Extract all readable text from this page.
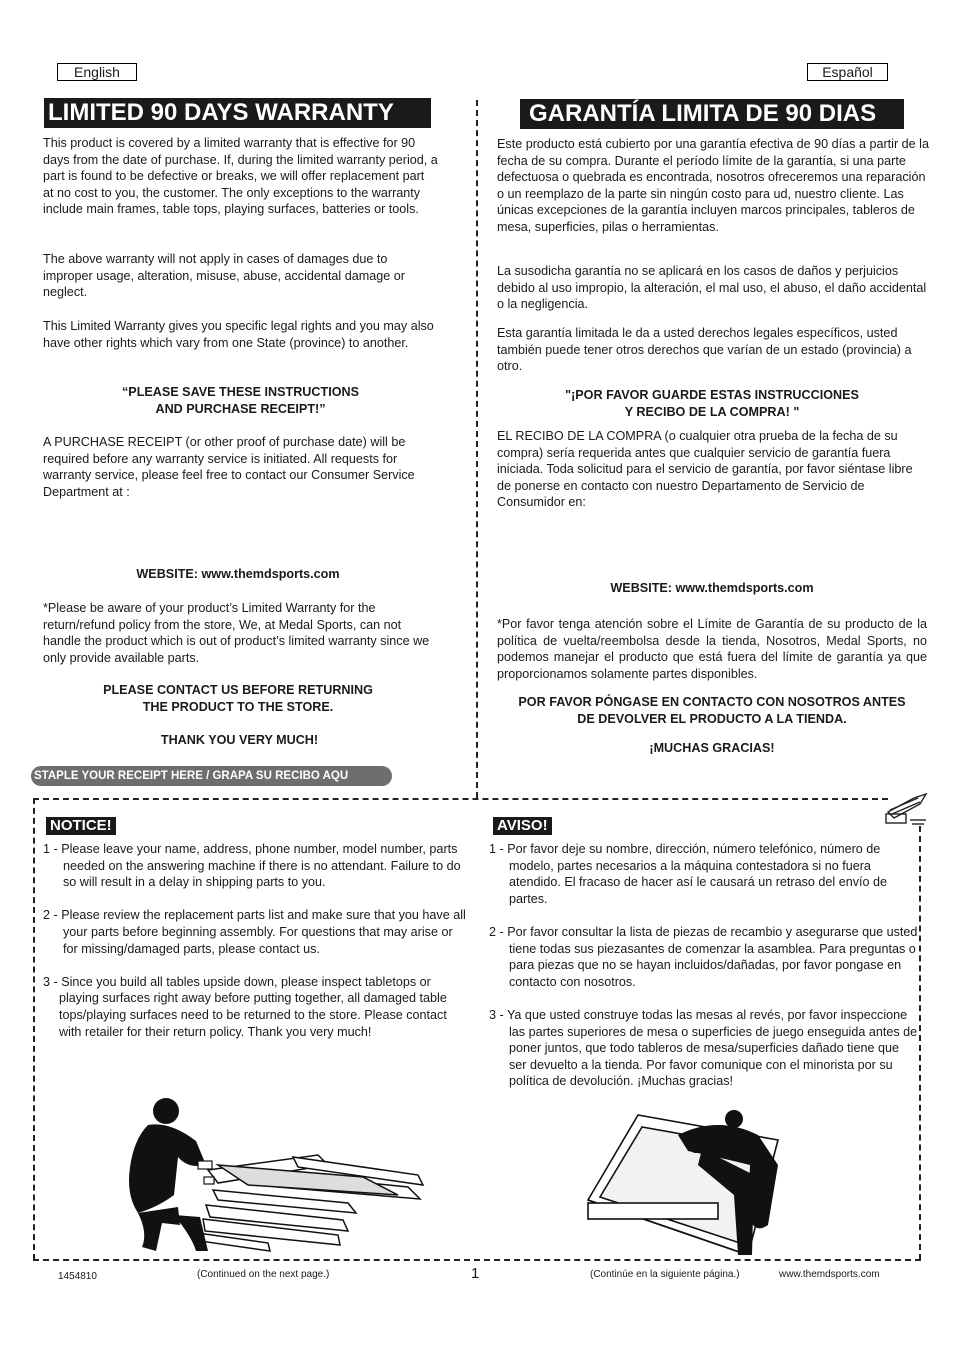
English
LIMITED 90 DAYS WARRANTY
This product is covered by a limited warranty that is effective for 90 days from the date of purchase. If, during the limited warranty period, a part is found to be defective or breaks, we will offer replacement part at no cost to you, the customer. The only exceptions to the warranty include main frames, table tops, playing surfaces, batteries or tools.
The above warranty will not apply in cases of damages due to improper usage, alteration, misuse, abuse, accidental damage or neglect.
This Limited Warranty gives you specific legal rights and you may also have other rights which vary from one State (province) to another.
“PLEASE SAVE THESE INSTRUCTIONS
AND PURCHASE RECEIPT!”
A PURCHASE RECEIPT (or other proof of purchase date) will be required before any warranty service is initiated. All requests for warranty service, please feel free to contact our Consumer Service Department at :
WEBSITE: www.themdsports.com
*Please be aware of your product’s Limited Warranty for the return/refund policy from the store, We, at Medal Sports, can not handle the product which is out of product’s limited warranty since we only provide available parts.
PLEASE CONTACT US BEFORE RETURNING
THE PRODUCT TO THE STORE.
THANK YOU VERY MUCH!
STAPLE YOUR RECEIPT HERE / GRAPA SU RECIBO AQU
Español
GARANTÍA LIMITA DE 90 DIAS
Este producto está cubierto por una garantía efectiva de 90 días a partir de la fecha de su compra. Durante el período límite de la garantía, si una parte defectuosa o quebrada es encontrada, nosotros ofreceremos una reparación o un reemplazo de la parte sin ningún costo para ud, nuestro cliente. Las únicas excepciones de la garantía incluyen marcos principales, tableros de mesa, superficies, pilas o herramientas.
La susodicha garantía no se aplicará en los casos de daños y perjuicios debido al uso impropio, la alteración, el mal uso, el abuso, el daño accidental o la negligencia.
Esta garantía limitada le da a usted derechos legales específicos, usted también puede tener otros derechos que varían de un estado (provincia) a otro.
"¡POR FAVOR GUARDE ESTAS INSTRUCCIONES
Y RECIBO DE LA COMPRA! "
EL RECIBO DE LA COMPRA (o cualquier otra prueba de la fecha de su compra) sería requerida antes que cualquier servicio de garantía fuera iniciada. Toda solicitud para el servicio de garantía, por favor siéntase libre de ponerse en contacto con nuestro Departamento de Servicio de Consumidor en:
WEBSITE: www.themdsports.com
*Por favor tenga atención sobre el Límite de Garantía de su producto de la política de vuelta/reembolsa desde la tienda, Nosotros, Medal Sports, no podemos manejar el producto que está fuera del límite de garantía ya que proporcionamos solamente partes disponibles.
POR FAVOR PÓNGASE EN CONTACTO CON NOSOTROS ANTES
DE DEVOLVER EL PRODUCTO A LA TIENDA.
¡MUCHAS GRACIAS!
NOTICE!
1 - Please leave your name, address, phone number, model number, parts needed on the answering machine if there is no attendant. Failure to do so will result in a delay in shipping parts to you.
2 - Please review the replacement parts list and make sure that you have all your parts before beginning assembly. For questions that may arise or for missing/damaged parts, please contact us.
3 - Since you build all tables upside down, please inspect tabletops or playing surfaces right away before putting together, all damaged table tops/playing surfaces need to be returned to the store. Please contact with retailer for their return policy. Thank you very much!
AVISO!
1 - Por favor deje su nombre, dirección, número telefónico, número de modelo, partes necesarios a la máquina contestadora si no fuera atendido. El fracaso de hacer así le causará un retraso del envío de partes.
2 - Por favor consultar la lista de piezas de recambio y asegurarse que usted tiene todas sus piezasantes de comenzar la asamblea. Para preguntas o para piezas que no se hayan incluidos/dañadas, por favor pongase en contacto con nosotros.
3 - Ya que usted construye todas las mesas al revés, por favor inspeccione las partes superiores de mesa o superficies de juego enseguida antes de poner juntos, que todo tableros de mesa/superficies dañado tiene que ser devuelto a la tienda. Por favor comunique con el minorista por su política de devolución. ¡Muchas gracias!
1454810	(Continued on the next page.)	1	(Continúe en la siguiente página.)	www.themdsports.com
